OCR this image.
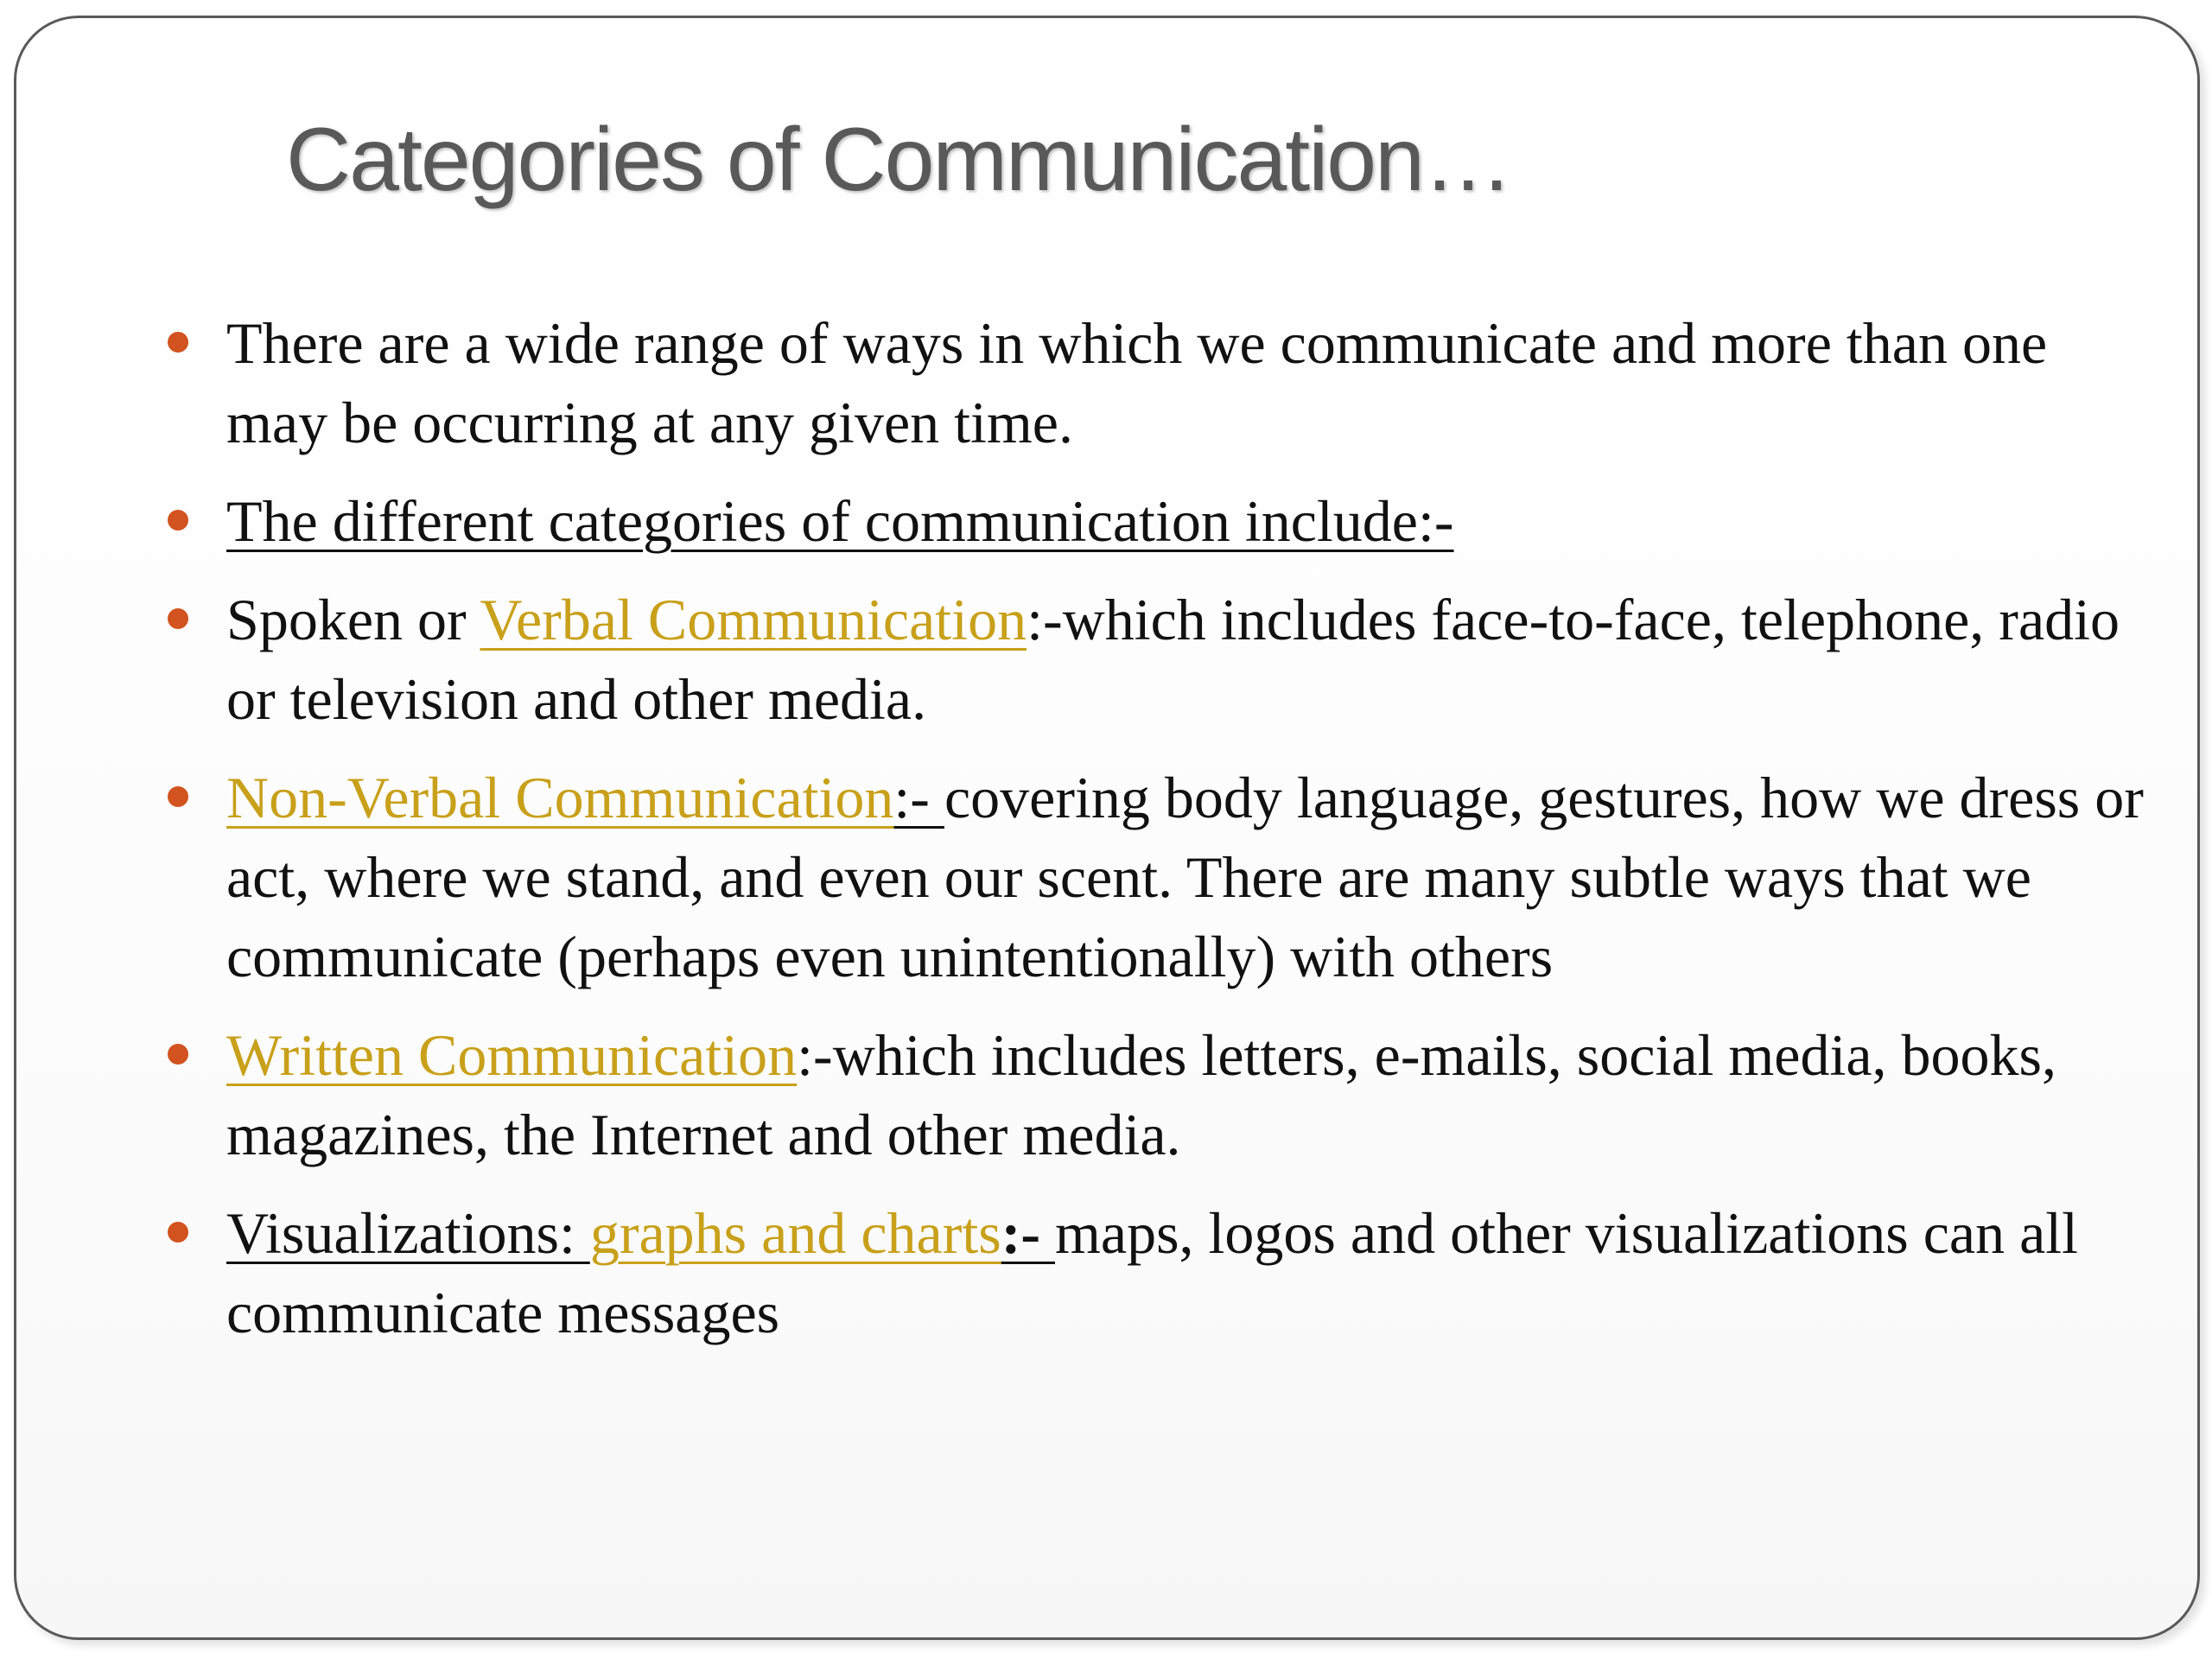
Categories of Communication…
There are a wide range of ways in which we communicate and more than one may be occurring at any given time.
The different categories of communication include:-
Spoken or Verbal Communication:-which includes face-to-face, telephone, radio or television and other media.
Non-Verbal Communication:- covering body language, gestures, how we dress or act, where we stand, and even our scent. There are many subtle ways that we communicate (perhaps even unintentionally) with others
Written Communication:-which includes letters, e-mails, social media, books, magazines, the Internet and other media.
Visualizations: graphs and charts:- maps, logos and other visualizations can all communicate messages
